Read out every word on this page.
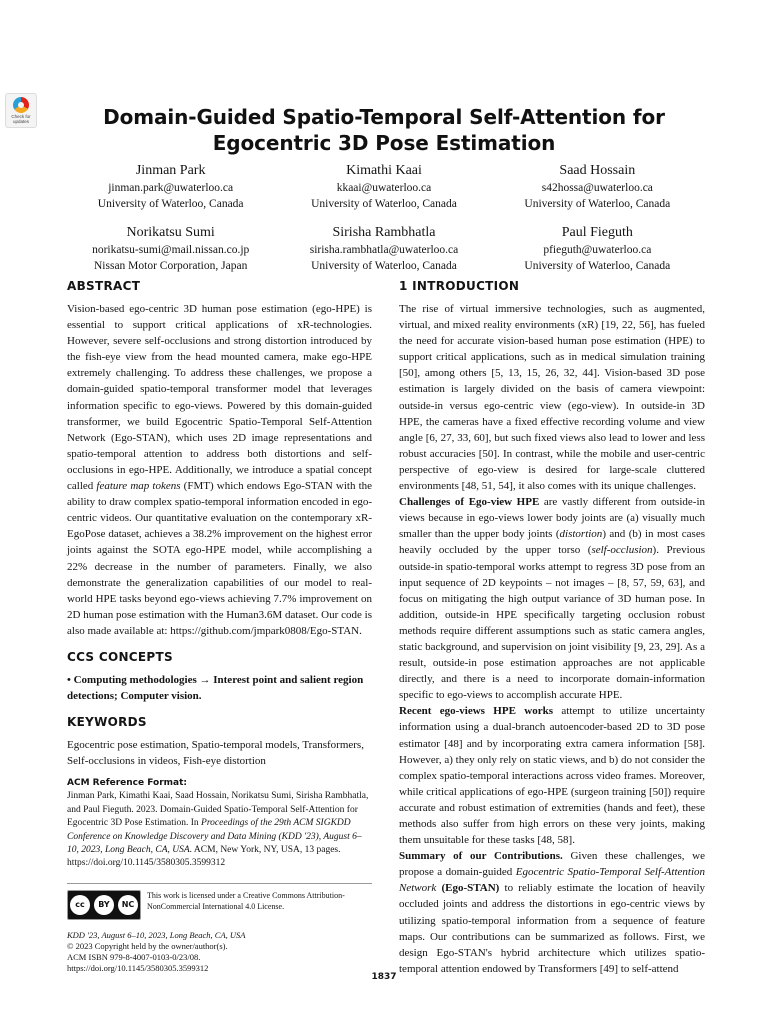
Check for updates	Domain-Guided Spatio-Temporal Self-Attention for Egocentric 3D Pose Estimation
Jinman Park
jinman.park@uwaterloo.ca
University of Waterloo, Canada
Kimathi Kaai
kkaai@uwaterloo.ca
University of Waterloo, Canada
Saad Hossain
s42hossa@uwaterloo.ca
University of Waterloo, Canada
Norikatsu Sumi
norikatsu-sumi@mail.nissan.co.jp
Nissan Motor Corporation, Japan
Sirisha Rambhatla
sirisha.rambhatla@uwaterloo.ca
University of Waterloo, Canada
Paul Fieguth
pfieguth@uwaterloo.ca
University of Waterloo, Canada
ABSTRACT

Vision-based ego-centric 3D human pose estimation (ego-HPE) is essential to support critical applications of xR-technologies. However, severe self-occlusions and strong distortion introduced by the fish-eye view from the head mounted camera, make ego-HPE extremely challenging. To address these challenges, we propose a domain-guided spatio-temporal transformer model that leverages information specific to ego-views. Powered by this domain-guided transformer, we build Egocentric Spatio-Temporal Self-Attention Network (Ego-STAN), which uses 2D image representations and spatio-temporal attention to address both distortions and self-occlusions in ego-HPE. Additionally, we introduce a spatial concept called feature map tokens (FMT) which endows Ego-STAN with the ability to draw complex spatio-temporal information encoded in ego-centric videos. Our quantitative evaluation on the contemporary xR-EgoPose dataset, achieves a 38.2% improvement on the highest error joints against the SOTA ego-HPE model, while accomplishing a 22% decrease in the number of parameters. Finally, we also demonstrate the generalization capabilities of our model to real-world HPE tasks beyond ego-views achieving 7.7% improvement on 2D human pose estimation with the Human3.6M dataset. Our code is also made available at: https://github.com/jmpark0808/Ego-STAN.

CCS CONCEPTS

• Computing methodologies → Interest point and salient region detections; Computer vision.

KEYWORDS

Egocentric pose estimation, Spatio-temporal models, Transformers, Self-occlusions in videos, Fish-eye distortion

ACM Reference Format:
Jinman Park, Kimathi Kaai, Saad Hossain, Norikatsu Sumi, Sirisha Rambhatla, and Paul Fieguth. 2023. Domain-Guided Spatio-Temporal Self-Attention for Egocentric 3D Pose Estimation. In Proceedings of the 29th ACM SIGKDD Conference on Knowledge Discovery and Data Mining (KDD '23), August 6–10, 2023, Long Beach, CA, USA. ACM, New York, NY, USA, 13 pages. https://doi.org/10.1145/3580305.3599312
cc	BY	NC
This work is licensed under a Creative Commons Attribution-NonCommercial International 4.0 License.
KDD '23, August 6–10, 2023, Long Beach, CA, USA
© 2023 Copyright held by the owner/author(s).
ACM ISBN 979-8-4007-0103-0/23/08.
https://doi.org/10.1145/3580305.3599312
1 INTRODUCTION

The rise of virtual immersive technologies, such as augmented, virtual, and mixed reality environments (xR) [19, 22, 56], has fueled the need for accurate vision-based human pose estimation (HPE) to support critical applications, such as in medical simulation training [50], among others [5, 13, 15, 26, 32, 44]. Vision-based 3D pose estimation is largely divided on the basis of camera viewpoint: outside-in versus ego-centric view (ego-view). In outside-in 3D HPE, the cameras have a fixed effective recording volume and view angle [6, 27, 33, 60], but such fixed views also lead to lower and less robust accuracies [50]. In contrast, while the mobile and user-centric perspective of ego-view is desired for large-scale cluttered environments [48, 51, 54], it also comes with its unique challenges.

Challenges of Ego-view HPE are vastly different from outside-in views because in ego-views lower body joints are (a) visually much smaller than the upper body joints (distortion) and (b) in most cases heavily occluded by the upper torso (self-occlusion). Previous outside-in spatio-temporal works attempt to regress 3D pose from an input sequence of 2D keypoints – not images – [8, 57, 59, 63], and focus on mitigating the high output variance of 3D human pose. In addition, outside-in HPE specifically targeting occlusion robust methods require different assumptions such as static camera angles, static background, and supervision on joint visibility [9, 23, 29]. As a result, outside-in pose estimation approaches are not applicable directly, and there is a need to incorporate domain-information specific to ego-views to accomplish accurate HPE.

Recent ego-views HPE works attempt to utilize uncertainty information using a dual-branch autoencoder-based 2D to 3D pose estimator [48] and by incorporating extra camera information [58]. However, a) they only rely on static views, and b) do not consider the complex spatio-temporal interactions across video frames. Moreover, while critical applications of ego-HPE (surgeon training [50]) require accurate and robust estimation of extremities (hands and feet), these methods also suffer from high errors on these very joints, making them unsuitable for these tasks [48, 58].

Summary of our Contributions. Given these challenges, we propose a domain-guided Egocentric Spatio-Temporal Self-Attention Network (Ego-STAN) to reliably estimate the location of heavily occluded joints and address the distortions in ego-centric views by utilizing spatio-temporal information from a sequence of feature maps. Our contributions can be summarized as follows. First, we design Ego-STAN's hybrid architecture which utilizes spatio-temporal attention endowed by Transformers [49] to self-attend

1837
